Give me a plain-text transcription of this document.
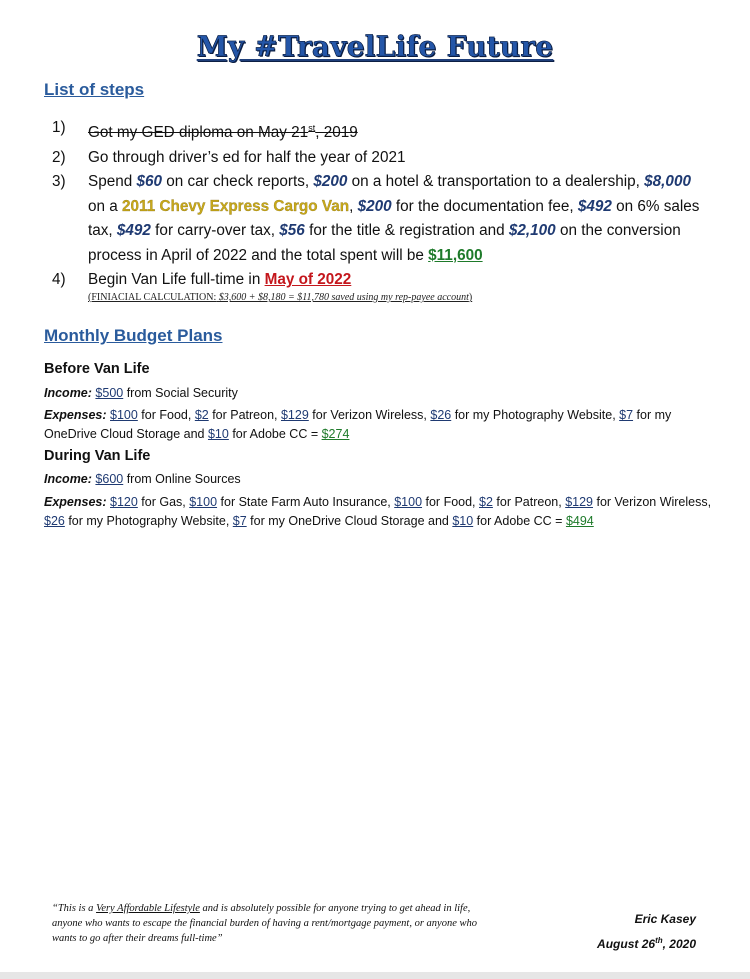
My #TravelLife Future
List of steps
1) Got my GED diploma on May 21st, 2019
2) Go through driver’s ed for half the year of 2021
3) Spend $60 on car check reports, $200 on a hotel & transportation to a dealership, $8,000 on a 2011 Chevy Express Cargo Van, $200 for the documentation fee, $492 on 6% sales tax, $492 for carry-over tax, $56 for the title & registration and $2,100 on the conversion process in April of 2022 and the total spent will be $11,600
4) Begin Van Life full-time in May of 2022
(FINIACIAL CALCULATION: $3,600 + $8,180 = $11,780 saved using my rep-payee account)
Monthly Budget Plans
Before Van Life
Income: $500 from Social Security
Expenses: $100 for Food, $2 for Patreon, $129 for Verizon Wireless, $26 for my Photography Website, $7 for my OneDrive Cloud Storage and $10 for Adobe CC = $274
During Van Life
Income: $600 from Online Sources
Expenses: $120 for Gas, $100 for State Farm Auto Insurance, $100 for Food, $2 for Patreon, $129 for Verizon Wireless, $26 for my Photography Website, $7 for my OneDrive Cloud Storage and $10 for Adobe CC = $494
“This is a Very Affordable Lifestyle and is absolutely possible for anyone trying to get ahead in life, anyone who wants to escape the financial burden of having a rent/mortgage payment, or anyone who wants to go after their dreams full-time”
Eric Kasey
August 26th, 2020
